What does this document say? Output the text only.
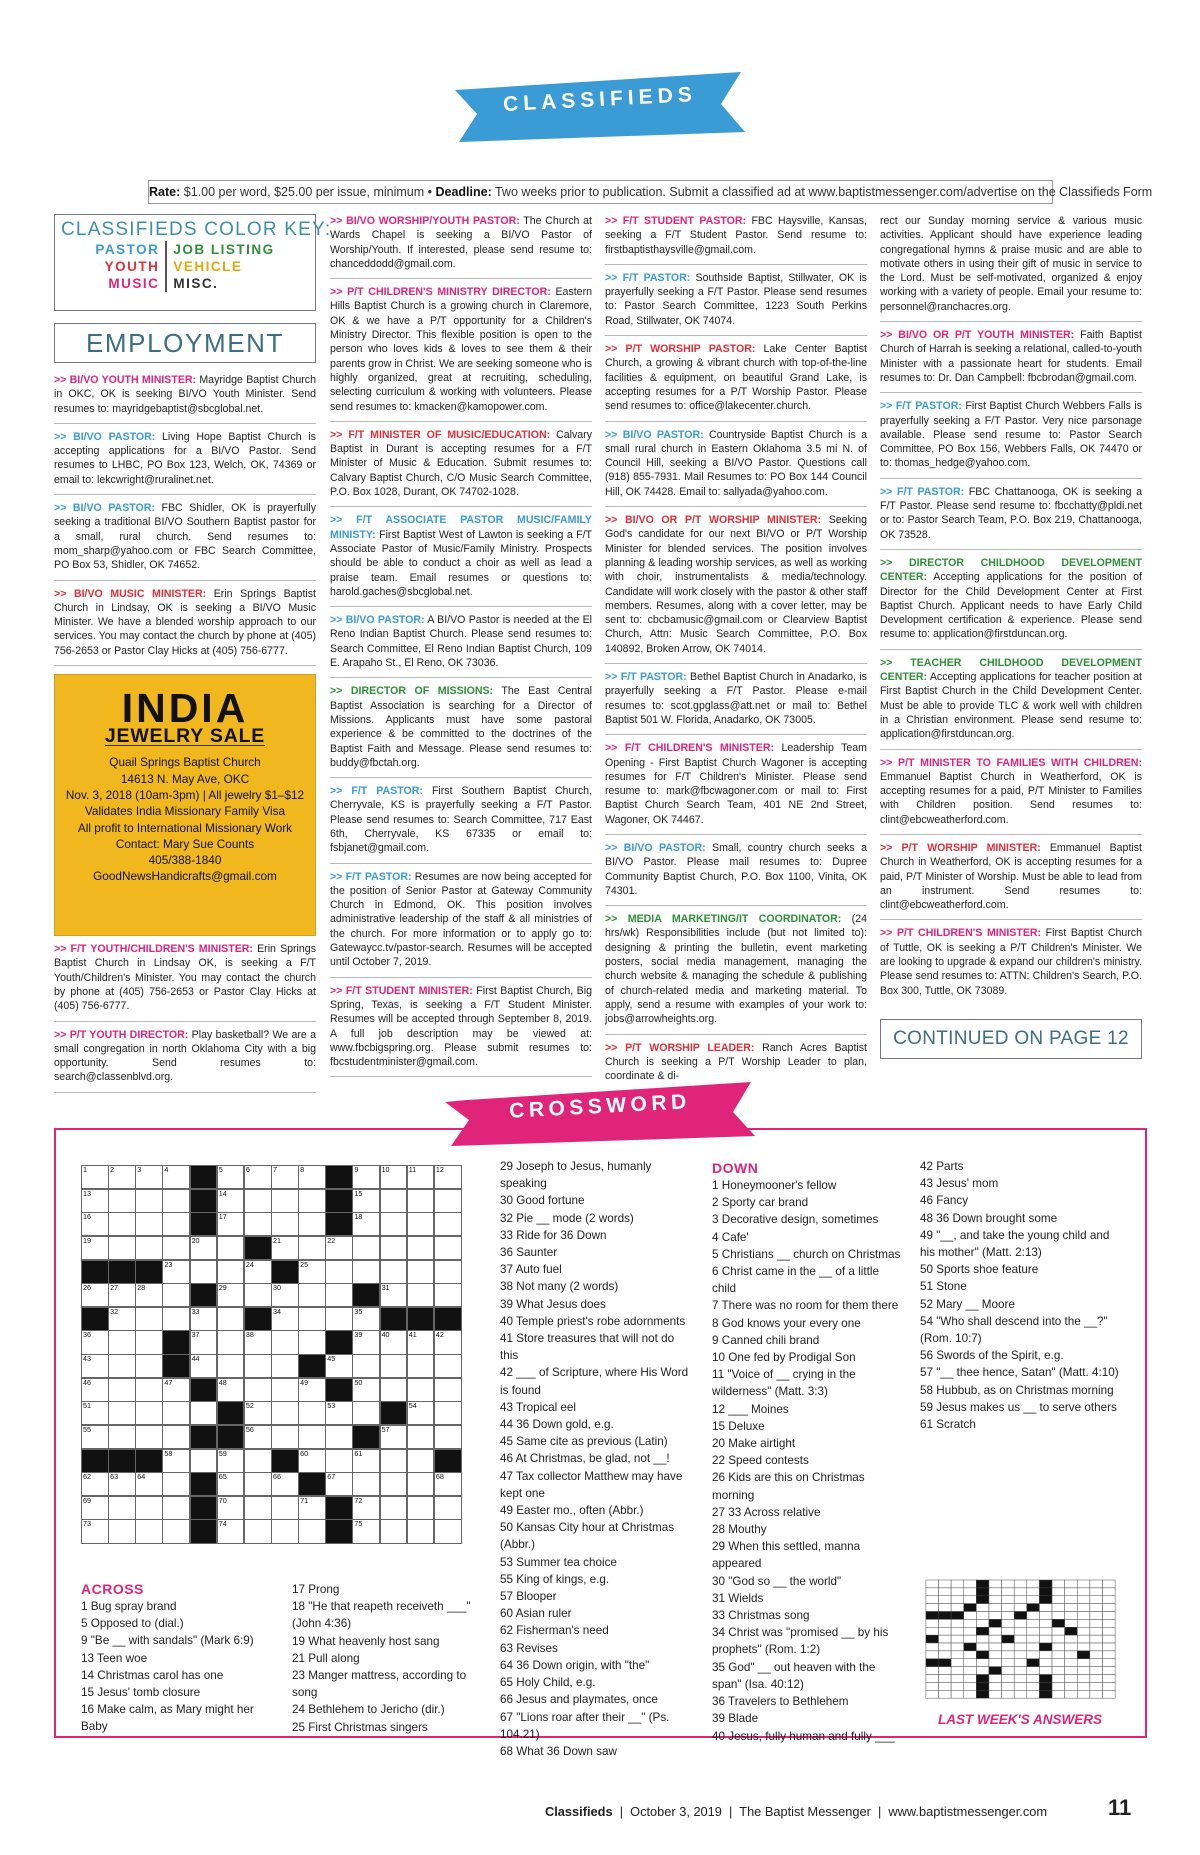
CLASSIFIEDS
Rate: $1.00 per word, $25.00 per issue, minimum • Deadline: Two weeks prior to publication. Submit a classified ad at www.baptistmessenger.com/advertise on the Classifieds Form
CLASSIFIEDS COLOR KEY:
PASTOR
YOUTH
MUSIC
JOB LISTING
VEHICLE
MISC.
EMPLOYMENT
>> BI/VO YOUTH MINISTER: Mayridge Baptist Church in OKC, OK is seeking BI/VO Youth Minister. Send resumes to: mayridgebaptist@sbcglobal.net.
>> BI/VO PASTOR: Living Hope Baptist Church is accepting applications for a BI/VO Pastor. Send resumes to LHBC, PO Box 123, Welch, OK, 74369 or email to: lekcwright@ruralinet.net.
>> BI/VO PASTOR: FBC Shidler, OK is prayerfully seeking a traditional BI/VO Southern Baptist pastor for a small, rural church. Send resumes to: mom_sharp@yahoo.com or FBC Search Committee, PO Box 53, Shidler, OK 74652.
>> BI/VO MUSIC MINISTER: Erin Springs Baptist Church in Lindsay, OK is seeking a BI/VO Music Minister. We have a blended worship approach to our services. You may contact the church by phone at (405) 756-2653 or Pastor Clay Hicks at (405) 756-6777.
INDIA
JEWELRY SALE
Quail Springs Baptist Church
14613 N. May Ave, OKC
Nov. 3, 2018 (10am-3pm) | All jewelry $1–$12
Validates India Missionary Family Visa
All profit to International Missionary Work
Contact: Mary Sue Counts
405/388-1840
GoodNewsHandicrafts@gmail.com
>> F/T YOUTH/CHILDREN'S MINISTER: Erin Springs Baptist Church in Lindsay OK, is seeking a F/T Youth/Children's Minister. You may contact the church by phone at (405) 756-2653 or Pastor Clay Hicks at (405) 756-6777.
>> P/T YOUTH DIRECTOR: Play basketball? We are a small congregation in north Oklahoma City with a big opportunity. Send resumes to: search@classenblvd.org.
>> BI/VO WORSHIP/YOUTH PASTOR: The Church at Wards Chapel is seeking a BI/VO Pastor of Worship/Youth. If interested, please send resume to: chanceddodd@gmail.com.
>> P/T CHILDREN'S MINISTRY DIRECTOR: Eastern Hills Baptist Church is a growing church in Claremore, OK & we have a P/T opportunity for a Children's Ministry Director. This flexible position is open to the person who loves kids & loves to see them & their parents grow in Christ. We are seeking someone who is highly organized, great at recruiting, scheduling, selecting curriculum & working with volunteers. Please send resumes to: kmacken@kamopower.com.
>> F/T MINISTER OF MUSIC/EDUCATION: Calvary Baptist in Durant is accepting resumes for a F/T Minister of Music & Education. Submit resumes to: Calvary Baptist Church, C/O Music Search Committee, P.O. Box 1028, Durant, OK 74702-1028.
>> F/T ASSOCIATE PASTOR MUSIC/FAMILY MINISTY: First Baptist West of Lawton is seeking a F/T Associate Pastor of Music/Family Ministry. Prospects should be able to conduct a choir as well as lead a praise team. Email resumes or questions to: harold.gaches@sbcglobal.net.
>> BI/VO PASTOR: A BI/VO Pastor is needed at the El Reno Indian Baptist Church. Please send resumes to: Search Committee, El Reno Indian Baptist Church, 109 E. Arapaho St., El Reno, OK 73036.
>> DIRECTOR OF MISSIONS: The East Central Baptist Association is searching for a Director of Missions. Applicants must have some pastoral experience & be committed to the doctrines of the Baptist Faith and Message. Please send resumes to: buddy@fbctah.org.
>> F/T PASTOR: First Southern Baptist Church, Cherryvale, KS is prayerfully seeking a F/T Pastor. Please send resumes to: Search Committee, 717 East 6th, Cherryvale, KS 67335 or email to: fsbjanet@gmail.com.
>> F/T PASTOR: Resumes are now being accepted for the position of Senior Pastor at Gateway Community Church in Edmond, OK. This position involves administrative leadership of the staff & all ministries of the church. For more information or to apply go to: Gatewaycc.tv/pastor-search. Resumes will be accepted until October 7, 2019.
>> F/T STUDENT MINISTER: First Baptist Church, Big Spring, Texas, is seeking a F/T Student Minister. Resumes will be accepted through September 8, 2019. A full job description may be viewed at: www.fbcbigspring.org. Please submit resumes to: fbcstudentminister@gmail.com.
>> F/T STUDENT PASTOR: FBC Haysville, Kansas, seeking a F/T Student Pastor. Send resume to: firstbaptisthaysville@gmail.com.
>> F/T PASTOR: Southside Baptist, Stillwater, OK is prayerfully seeking a F/T Pastor. Please send resumes to: Pastor Search Committee, 1223 South Perkins Road, Stillwater, OK 74074.
>> P/T WORSHIP PASTOR: Lake Center Baptist Church, a growing & vibrant church with top-of-the-line facilities & equipment, on beautiful Grand Lake, is accepting resumes for a P/T Worship Pastor. Please send resumes to: office@lakecenter.church.
>> BI/VO PASTOR: Countryside Baptist Church is a small rural church in Eastern Oklahoma 3.5 mi N. of Council Hill, seeking a BI/VO Pastor. Questions call (918) 855-7931. Mail Resumes to: PO Box 144 Council Hill, OK 74428. Email to: sallyada@yahoo.com.
>> BI/VO OR P/T WORSHIP MINISTER: Seeking God's candidate for our next BI/VO or P/T Worship Minister for blended services. The position involves planning & leading worship services, as well as working with choir, instrumentalists & media/technology. Candidate will work closely with the pastor & other staff members. Resumes, along with a cover letter, may be sent to: cbcbamusic@gmail.com or Clearview Baptist Church, Attn: Music Search Committee, P.O. Box 140892, Broken Arrow, OK 74014.
>> F/T PASTOR: Bethel Baptist Church in Anadarko, is prayerfully seeking a F/T Pastor. Please e-mail resumes to: scot.gpglass@att.net or mail to: Bethel Baptist 501 W. Florida, Anadarko, OK 73005.
>> F/T CHILDREN'S MINISTER: Leadership Team Opening - First Baptist Church Wagoner is accepting resumes for F/T Children's Minister. Please send resume to: mark@fbcwagoner.com or mail to: First Baptist Church Search Team, 401 NE 2nd Street, Wagoner, OK 74467.
>> BI/VO PASTOR: Small, country church seeks a BI/VO Pastor. Please mail resumes to: Dupree Community Baptist Church, P.O. Box 1100, Vinita, OK 74301.
>> MEDIA MARKETING/IT COORDINATOR: (24 hrs/wk) Responsibilities include (but not limited to): designing & printing the bulletin, event marketing posters, social media management, managing the church website & managing the schedule & publishing of church-related media and marketing material. To apply, send a resume with examples of your work to: jobs@arrowheights.org.
>> P/T WORSHIP LEADER: Ranch Acres Baptist Church is seeking a P/T Worship Leader to plan, coordinate & di-
rect our Sunday morning service & various music activities. Applicant should have experience leading congregational hymns & praise music and are able to motivate others in using their gift of music in service to the Lord. Must be self-motivated, organized & enjoy working with a variety of people. Email your resume to: personnel@ranchacres.org.
>> BI/VO OR P/T YOUTH MINISTER: Faith Baptist Church of Harrah is seeking a relational, called-to-youth Minister with a passionate heart for students. Email resumes to: Dr. Dan Campbell: fbcbrodan@gmail.com.
>> F/T PASTOR: First Baptist Church Webbers Falls is prayerfully seeking a F/T Pastor. Very nice parsonage available. Please send resume to: Pastor Search Committee, PO Box 156, Webbers Falls, OK 74470 or to: thomas_hedge@yahoo.com.
>> F/T PASTOR: FBC Chattanooga, OK is seeking a F/T Pastor. Please send resume to: fbcchatty@pldi.net or to: Pastor Search Team, P.O. Box 219, Chattanooga, OK 73528.
>> DIRECTOR CHILDHOOD DEVELOPMENT CENTER: Accepting applications for the position of Director for the Child Development Center at First Baptist Church. Applicant needs to have Early Child Development certification & experience. Please send resume to: application@firstduncan.org.
>> TEACHER CHILDHOOD DEVELOPMENT CENTER: Accepting applications for teacher position at First Baptist Church in the Child Development Center. Must be able to provide TLC & work well with children in a Christian environment. Please send resume to: application@firstduncan.org.
>> P/T MINISTER TO FAMILIES WITH CHILDREN: Emmanuel Baptist Church in Weatherford, OK is accepting resumes for a paid, P/T Minister to Families with Children position. Send resumes to: clint@ebcweatherford.com.
>> P/T WORSHIP MINISTER: Emmanuel Baptist Church in Weatherford, OK is accepting resumes for a paid, P/T Minister of Worship. Must be able to lead from an instrument. Send resumes to: clint@ebcweatherford.com.
>> P/T CHILDREN'S MINISTER: First Baptist Church of Tuttle, OK is seeking a P/T Children's Minister. We are looking to upgrade & expand our children's ministry. Please send resumes to: ATTN: Children's Search, P.O. Box 300, Tuttle, OK 73089.
CONTINUED ON PAGE 12
CROSSWORD
1	2	3	4	5	6	7	8	9	10	11	12
13	14	15
16	17	18
19	20	21	22
23	24	25
26	27	28	29	30	31
32	33	34	35
36	37	38	39	40	41	42
43	44	45
46	47	48	49	50
51	52	53	54
55	56	57
58	59	60	61
62	63	64	65	66	67	68
69	70	71	72
73	74	75
ACROSS
1 Bug spray brand
5 Opposed to (dial.)
9 "Be __ with sandals" (Mark 6:9)
13 Teen woe
14 Christmas carol has one
15 Jesus' tomb closure
16 Make calm, as Mary might her Baby
17 Prong
18 "He that reapeth receiveth ___" (John 4:36)
19 What heavenly host sang
21 Pull along
23 Manger mattress, according to song
24 Bethlehem to Jericho (dir.)
25 First Christmas singers
29 Joseph to Jesus, humanly speaking
30 Good fortune
32 Pie __ mode (2 words)
33 Ride for 36 Down
36 Saunter
37 Auto fuel
38 Not many (2 words)
39 What Jesus does
40 Temple priest's robe adornments
41 Store treasures that will not do this
42 ___ of Scripture, where His Word is found
43 Tropical eel
44 36 Down gold, e.g.
45 Same cite as previous (Latin)
46 At Christmas, be glad, not __!
47 Tax collector Matthew may have kept one
49 Easter mo., often (Abbr.)
50 Kansas City hour at Christmas (Abbr.)
53 Summer tea choice
55 King of kings, e.g.
57 Blooper
60 Asian ruler
62 Fisherman's need
63 Revises
64 36 Down origin, with "the"
65 Holy Child, e.g.
66 Jesus and playmates, once
67 "Lions roar after their __" (Ps. 104.21)
68 What 36 Down saw
DOWN
1 Honeymooner's fellow
2 Sporty car brand
3 Decorative design, sometimes
4 Cafe'
5 Christians __ church on Christmas
6 Christ came in the __ of a little child
7 There was no room for them there
8 God knows your every one
9 Canned chili brand
10 One fed by Prodigal Son
11 "Voice of __ crying in the wilderness" (Matt. 3:3)
12 ___ Moines
15 Deluxe
20 Make airtight
22 Speed contests
26 Kids are this on Christmas morning
27 33 Across relative
28 Mouthy
29 When this settled, manna appeared
30 "God so __ the world"
31 Wields
33 Christmas song
34 Christ was "promised __ by his prophets" (Rom. 1:2)
35 God" __ out heaven with the span" (Isa. 40:12)
36 Travelers to Bethlehem
39 Blade
40 Jesus, fully human and fully ___
42 Parts
43 Jesus' mom
46 Fancy
48 36 Down brought some
49 "__, and take the young child and his mother" (Matt. 2:13)
50 Sports shoe feature
51 Stone
52 Mary __ Moore
54 "Who shall descend into the __?" (Rom. 10:7)
56 Swords of the Spirit, e.g.
57 "__ thee hence, Satan" (Matt. 4:10)
58 Hubbub, as on Christmas morning
59 Jesus makes us __ to serve others
61 Scratch
LAST WEEK'S ANSWERS
Classifieds  |  October 3, 2019  |  The Baptist Messenger  |  www.baptistmessenger.com	11
